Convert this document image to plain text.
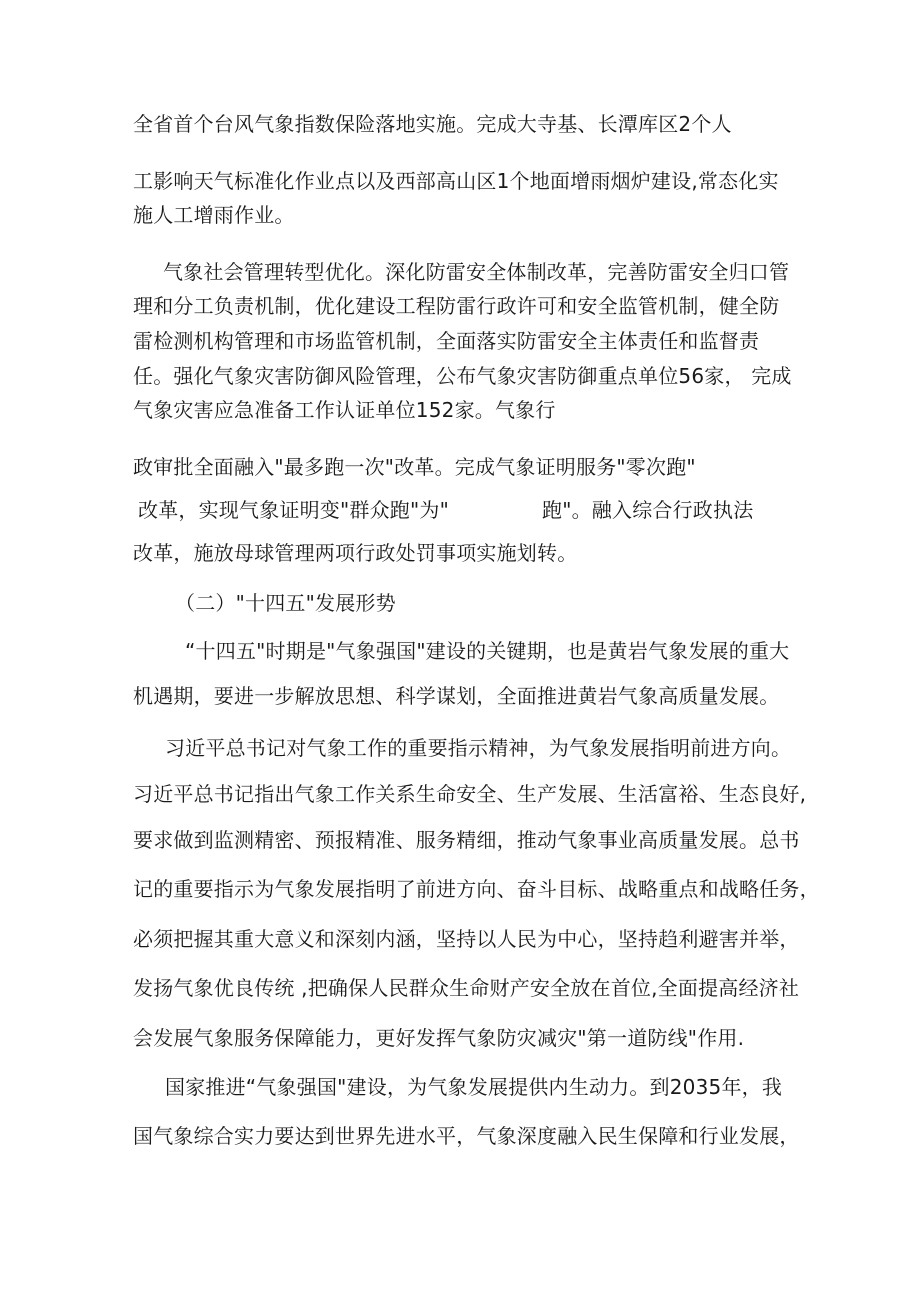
全省首个台风气象指数保险落地实施。完成大寺基、长潭库区2个人
工影响天气标准化作业点以及西部高山区1个地面增雨烟炉建设,常态化实
施人工增雨作业。
气象社会管理转型优化。深化防雷安全体制改革，完善防雷安全归口管
理和分工负责机制，优化建设工程防雷行政许可和安全监管机制，健全防
雷检测机构管理和市场监管机制，全面落实防雷安全主体责任和监督责
任。强化气象灾害防御风险管理，公布气象灾害防御重点单位56家， 完成
气象灾害应急准备工作认证单位152家。气象行
政审批全面融入"最多跑一次"改革。完成气象证明服务"零次跑"
改革，实现气象证明变"群众跑"为"	跑"。融入综合行政执法
改革，施放母球管理两项行政处罚事项实施划转。
（二）"十四五"发展形势
“十四五"时期是"气象强国"建设的关键期，也是黄岩气象发展的重大
机遇期，要进一步解放思想、科学谋划，全面推进黄岩气象高质量发展。
习近平总书记对气象工作的重要指示精神，为气象发展指明前进方向。
习近平总书记指出气象工作关系生命安全、生产发展、生活富裕、生态良好,
要求做到监测精密、预报精准、服务精细，推动气象事业高质量发展。总书
记的重要指示为气象发展指明了前进方向、奋斗目标、战略重点和战略任务，
必须把握其重大意义和深刻内涵，坚持以人民为中心，坚持趋利避害并举，
发扬气象优良传统 ,把确保人民群众生命财产安全放在首位,全面提高经济社
会发展气象服务保障能力，更好发挥气象防灾减灾"第一道防线"作用.
国家推进“气象强国"建设，为气象发展提供内生动力。到2035年，我
国气象综合实力要达到世界先进水平，气象深度融入民生保障和行业发展，
